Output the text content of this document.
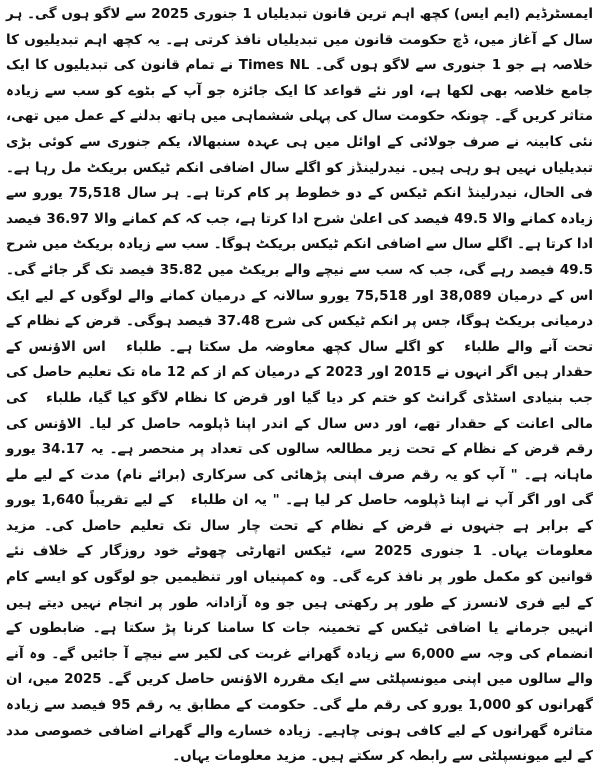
ایمسٹرڈیم (ایم ایس) کچھ اہم ترین قانون تبدیلیاں 1 جنوری 2025 سے لاگو ہوں گی۔ ہر سال کے آغاز میں، ڈچ حکومت قانون میں تبدیلیاں نافذ کرتی ہے۔ یہ کچھ اہم تبدیلیوں کا خلاصہ ہے جو 1 جنوری سے لاگو ہوں گی۔ Times NL نے تمام قانون کی تبدیلیوں کا ایک جامع خلاصہ بھی لکھا ہے، اور نئے قواعد کا ایک جائزہ جو آپ کے بٹوے کو سب سے زیادہ متاثر کریں گے۔ چونکہ حکومت سال کی پہلی ششماہی میں ہاتھ بدلنے کے عمل میں تھی، نئی کابینہ نے صرف جولائی کے اوائل میں ہی عہدہ سنبھالا، یکم جنوری سے کوئی بڑی تبدیلیاں نہیں ہو رہی ہیں۔ نیدرلینڈز کو اگلے سال اضافی انکم ٹیکس بریکٹ مل رہا ہے۔ فی الحال، نیدرلینڈ انکم ٹیکس کے دو خطوط پر کام کرتا ہے۔ ہر سال 75,518 یورو سے زیادہ کمانے والا 49.5 فیصد کی اعلیٰ شرح ادا کرتا ہے، جب کہ کم کمانے والا 36.97 فیصد ادا کرتا ہے۔ اگلے سال سے اضافی انکم ٹیکس بریکٹ ہوگا۔ سب سے زیادہ بریکٹ میں شرح 49.5 فیصد رہے گی، جب کہ سب سے نیچے والے بریکٹ میں 35.82 فیصد تک گر جائے گی۔ اس کے درمیان 38,089 اور 75,518 یورو سالانہ کے درمیان کمانے والے لوگوں کے لیے ایک درمیانی بریکٹ ہوگا، جس پر انکم ٹیکس کی شرح 37.48 فیصد ہوگی۔ قرض کے نظام کے تحت آنے والے طلباء ‫ ‬ کو اگلے سال کچھ معاوضہ مل سکتا ہے۔ طلباء ‫ ‬ اس الاؤنس کے حقدار ہیں اگر انہوں نے 2015 اور 2023 کے درمیان کم از کم 12 ماہ تک تعلیم حاصل کی جب بنیادی اسٹڈی گرانٹ کو ختم کر دیا گیا اور قرض کا نظام لاگو کیا گیا، طلباء ‫ ‬ کی مالی اعانت کے حقدار تھے، اور دس سال کے اندر اپنا ڈپلومہ حاصل کر لیا۔ الاؤنس کی رقم قرض کے نظام کے تحت زیر مطالعہ سالوں کی تعداد پر منحصر ہے۔ یہ 34.17 یورو ماہانہ ہے۔ " آپ کو یہ رقم صرف اپنی پڑھائی کی سرکاری (برائے نام) مدت کے لیے ملے گی اور اگر آپ نے اپنا ڈپلومہ حاصل کر لیا ہے۔ " یہ ان طلباء ‫ ‬ کے لیے تقریباً 1,640 یورو کے برابر ہے جنہوں نے قرض کے نظام کے تحت چار سال تک تعلیم حاصل کی۔ مزید معلومات یہاں۔ 1 جنوری 2025 سے، ٹیکس اتھارٹی چھوٹے خود روزگار کے خلاف نئے قوانین کو مکمل طور پر نافذ کرے گی۔ وہ کمپنیاں اور تنظیمیں جو لوگوں کو ایسے کام کے لیے فری لانسرز کے طور پر رکھتی ہیں جو وہ آزادانہ طور پر انجام نہیں دیتے ہیں انہیں جرمانے یا اضافی ٹیکس کے تخمینہ جات کا سامنا کرنا پڑ سکتا ہے۔ ضابطوں کے انضمام کی وجہ سے 6,000 سے زیادہ گھرانے غربت کی لکیر سے نیچے آ جائیں گے۔ وہ آنے والے سالوں میں اپنی میونسپلٹی سے ایک مقررہ الاؤنس حاصل کریں گے۔ 2025 میں، ان گھرانوں کو 1,000 یورو کی رقم ملے گی۔ حکومت کے مطابق یہ رقم 95 فیصد سے زیادہ متاثرہ گھرانوں کے لیے کافی ہونی چاہیے۔ زیادہ خسارے والے گھرانے اضافی خصوصی مدد کے لیے میونسپلٹی سے رابطہ کر سکتے ہیں۔ مزید معلومات یہاں۔
